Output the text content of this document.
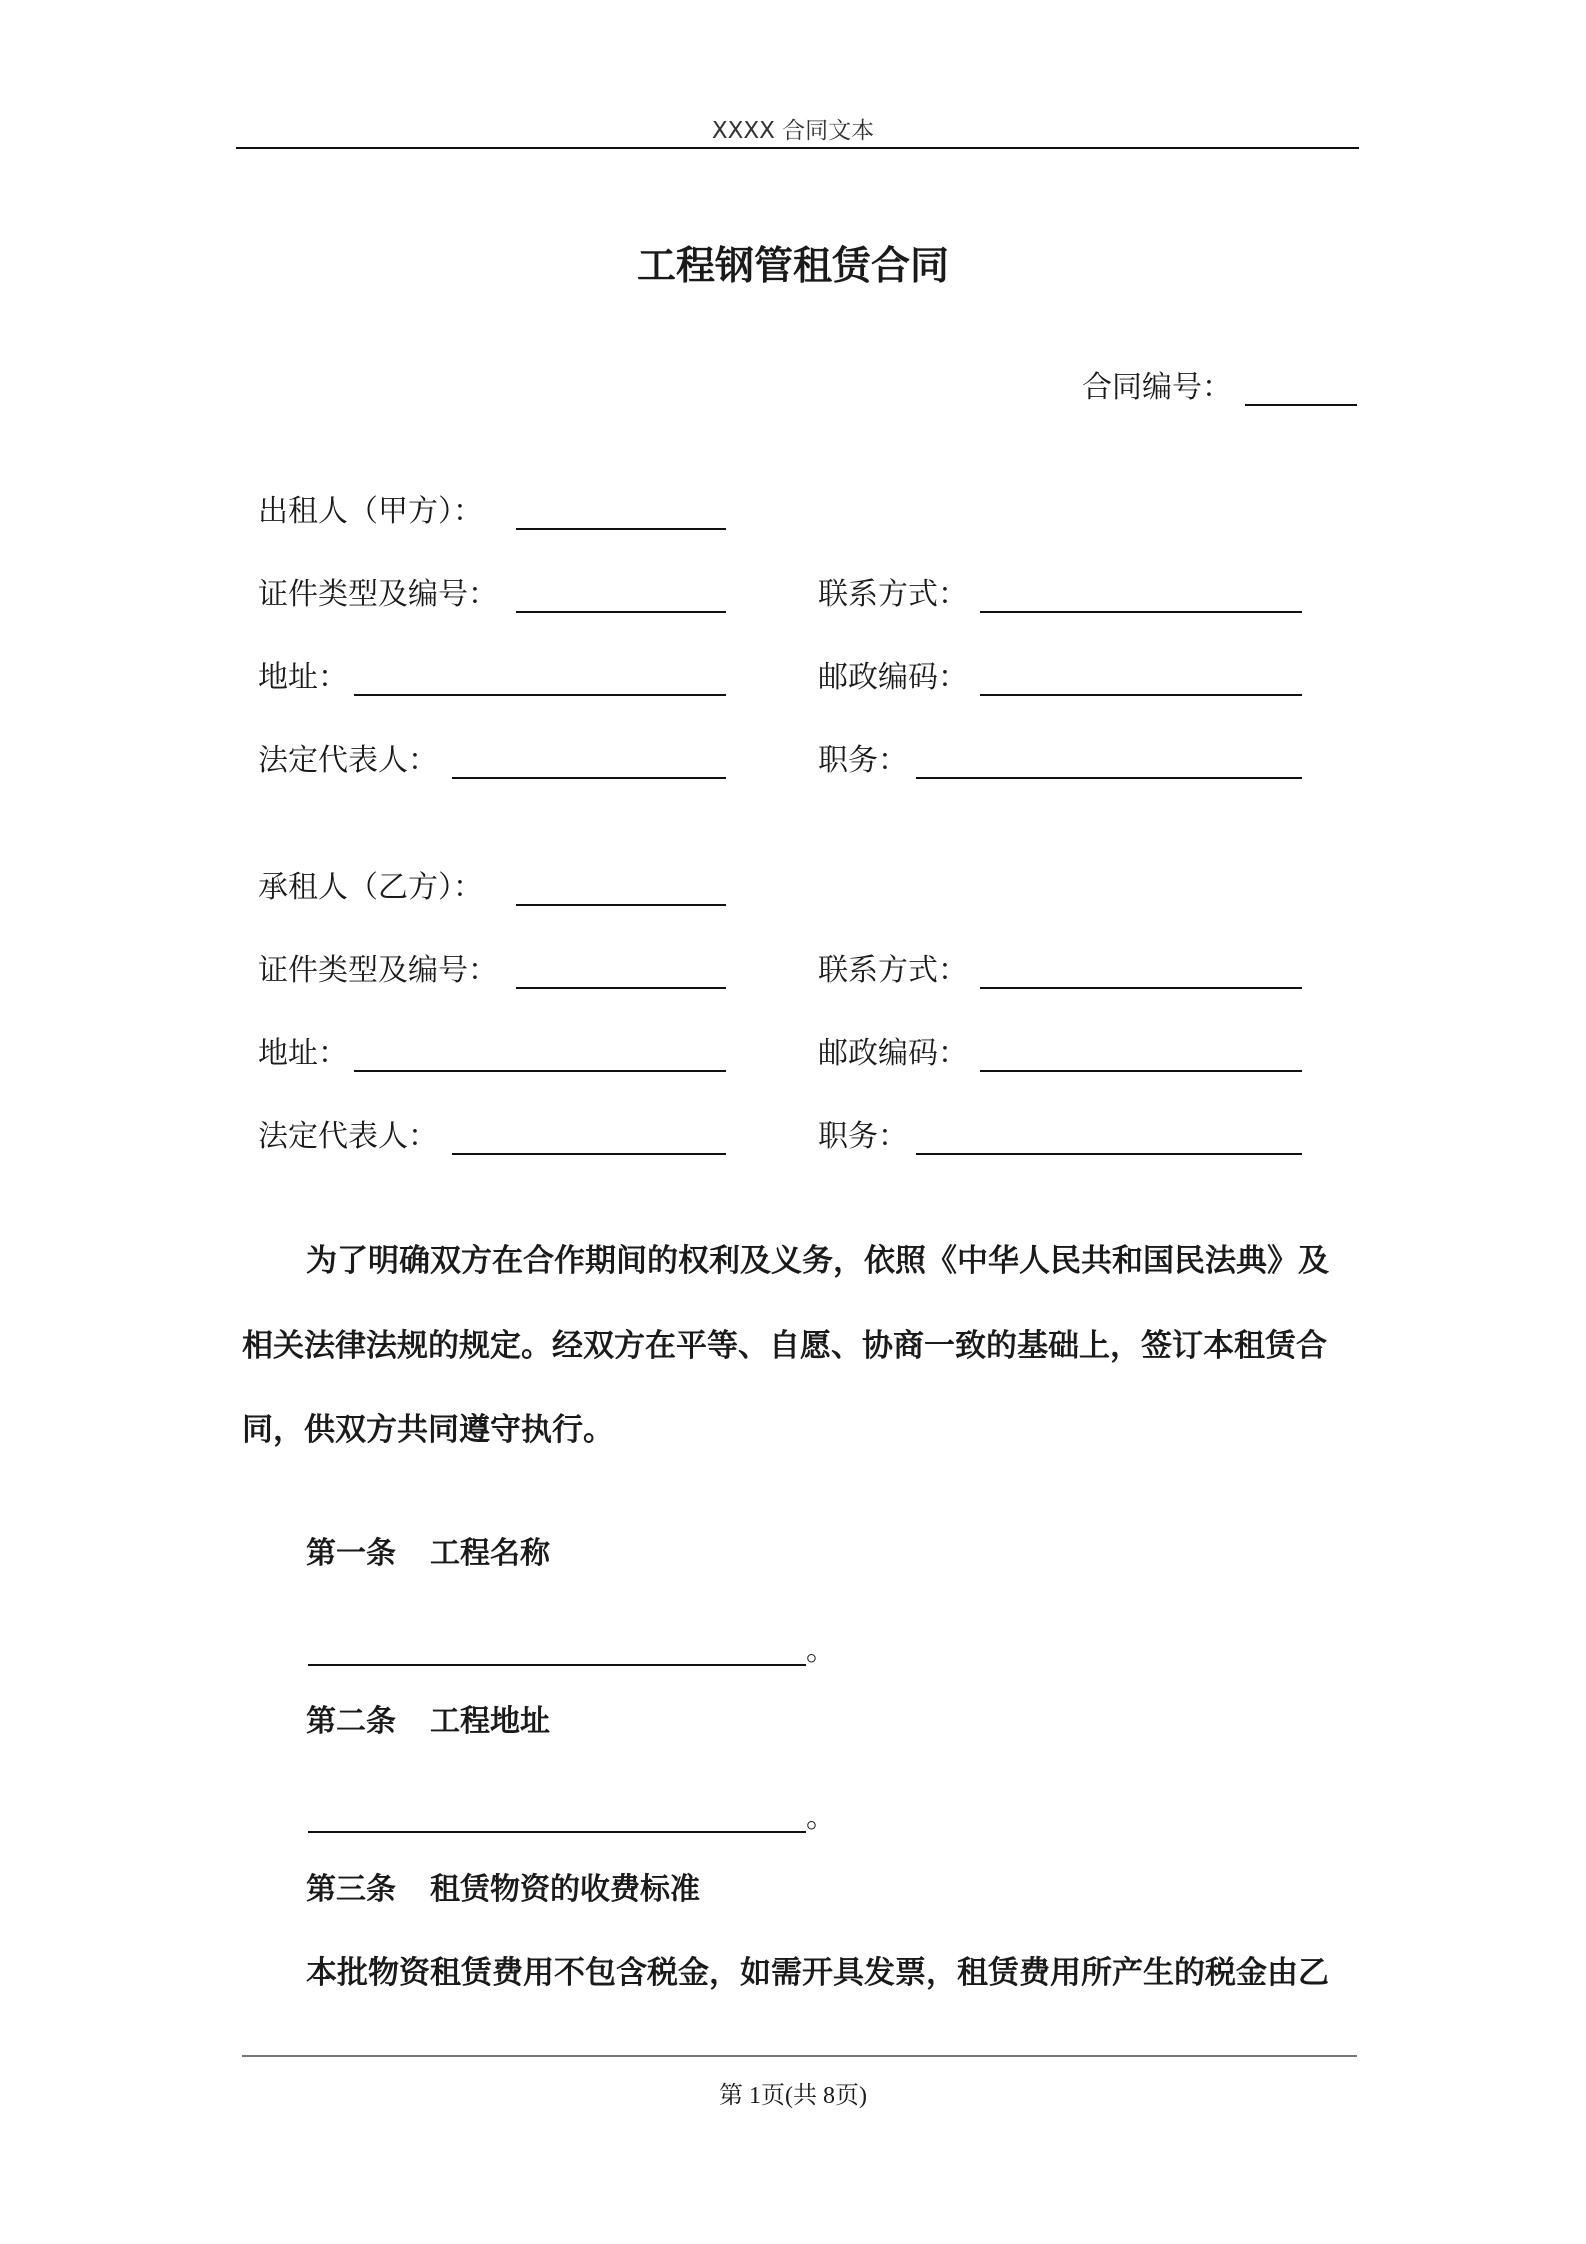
XXXX 合同文本
工程钢管租赁合同
合同编号：
出租人（甲方）：
证件类型及编号：	联系方式：
地址：	邮政编码：
法定代表人：	职务：
承租人（乙方）：
证件类型及编号：	联系方式：
地址：	邮政编码：
法定代表人：	职务：
为了明确双方在合作期间的权利及义务，依照《中华人民共和国民法典》及
相关法律法规的规定。经双方在平等、自愿、协商一致的基础上，签订本租赁合
同，供双方共同遵守执行。
第一条 工程名称
。
第二条 工程地址
。
第三条 租赁物资的收费标准
本批物资租赁费用不包含税金，如需开具发票，租赁费用所产生的税金由乙
第 1页(共 8页)
